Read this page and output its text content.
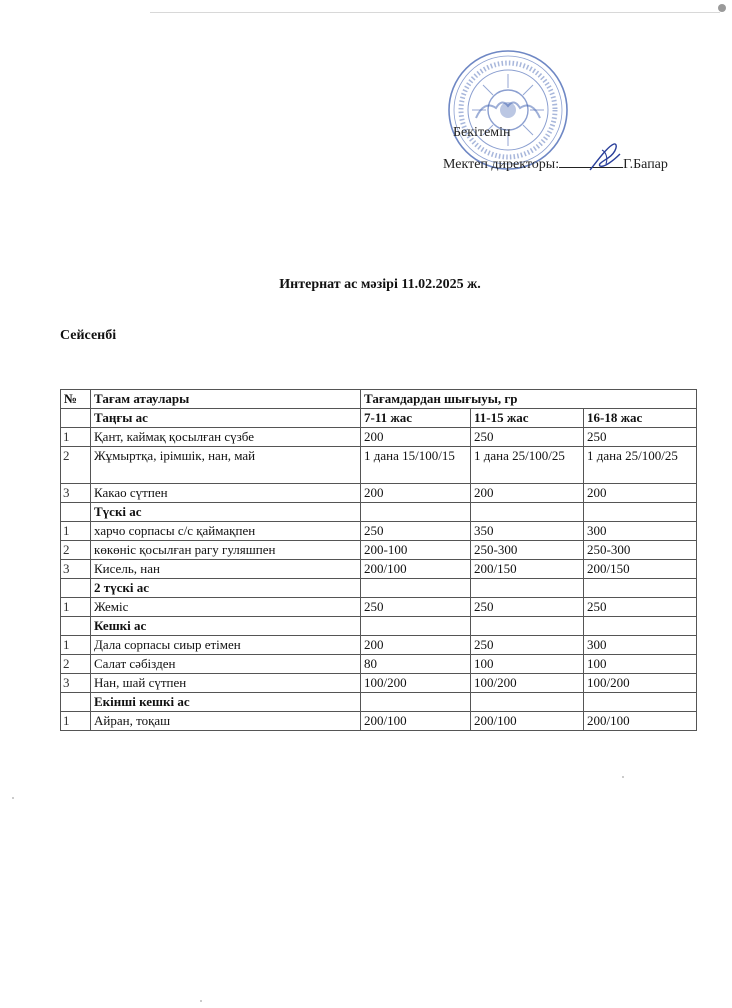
Бекітемін
Мектеп директоры:	Г.Бапар
Интернат ас мәзірі 11.02.2025 ж.
Сейсенбі
№	Тағам атаулары	Тағамдардан шығыуы, гр		
	Таңғы ас	7-11 жас	11-15 жас	16-18 жас
1	Қант, каймақ қосылған сүзбе	200	250	250
2	Жұмыртқа, ірімшік, нан, май	1 дана 15/100/15	1 дана 25/100/25	1 дана 25/100/25
3	Какао сүтпен	200	200	200
	Түскі ас			
1	харчо сорпасы с/с қаймақпен	250	350	300
2	көкөніс қосылған рагу гуляшпен	200-100	250-300	250-300
3	Кисель, нан	200/100	200/150	200/150
	2 түскі ас			
1	Жеміс	250	250	250
	Кешкі ас			
1	Дала сорпасы сиыр етімен	200	250	300
2	Салат сәбізден	80	100	100
3	Нан, шай сүтпен	100/200	100/200	100/200
	Екінші кешкі ас			
1	Айран, тоқаш	200/100	200/100	200/100
